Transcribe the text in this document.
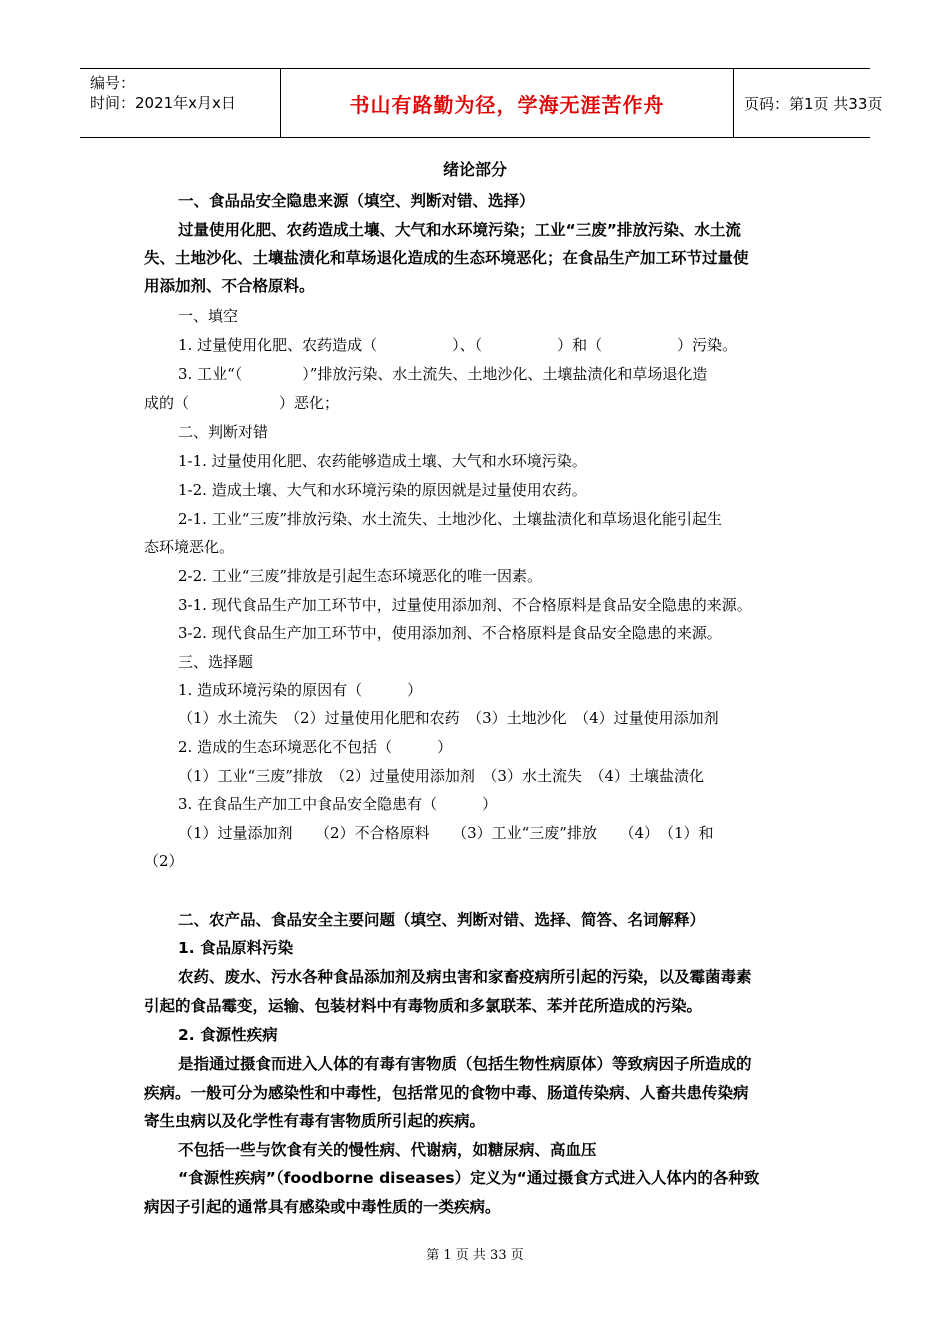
编号：
时间：2021年x月x日	书山有路勤为径，学海无涯苦作舟	页码：第1页 共33页
绪论部分
一、食品品安全隐患来源（填空、判断对错、选择）
过量使用化肥、农药造成土壤、大气和水环境污染；工业“三废”排放污染、水土流
失、土地沙化、土壤盐渍化和草场退化造成的生态环境恶化；在食品生产加工环节过量使
用添加剂、不合格原料。
一、填空
1. 过量使用化肥、农药造成（　　　　　）、（　　　　　）和（　　　　　）污染。
3. 工业“（　　　　）”排放污染、水土流失、土地沙化、土壤盐渍化和草场退化造
成的（　　　　　　）恶化；
二、判断对错
1-1. 过量使用化肥、农药能够造成土壤、大气和水环境污染。
1-2. 造成土壤、大气和水环境污染的原因就是过量使用农药。
2-1. 工业“三废”排放污染、水土流失、土地沙化、土壤盐渍化和草场退化能引起生
态环境恶化。
2-2. 工业“三废”排放是引起生态环境恶化的唯一因素。
3-1. 现代食品生产加工环节中，过量使用添加剂、不合格原料是食品安全隐患的来源。
3-2. 现代食品生产加工环节中，使用添加剂、不合格原料是食品安全隐患的来源。
三、选择题
1. 造成环境污染的原因有（　　　）
（1）水土流失　（2）过量使用化肥和农药　（3）土地沙化　（4）过量使用添加剂
2. 造成的生态环境恶化不包括（　　　）
（1）工业“三废”排放　（2）过量使用添加剂　（3）水土流失　（4）土壤盐渍化
3. 在食品生产加工中食品安全隐患有（　　　）
（1）过量添加剂　　（2）不合格原料　　（3）工业“三废”排放　　（4）　（1）和
（2）
二、农产品、食品安全主要问题（填空、判断对错、选择、简答、名词解释）
1. 食品原料污染
农药、废水、污水各种食品添加剂及病虫害和家畜疫病所引起的污染，以及霉菌毒素
引起的食品霉变，运输、包装材料中有毒物质和多氯联苯、苯并芘所造成的污染。
2. 食源性疾病
是指通过摄食而进入人体的有毒有害物质（包括生物性病原体）等致病因子所造成的
疾病。一般可分为感染性和中毒性，包括常见的食物中毒、肠道传染病、人畜共患传染病
寄生虫病以及化学性有毒有害物质所引起的疾病。
不包括一些与饮食有关的慢性病、代谢病，如糖尿病、高血压
“食源性疾病”（foodborne diseases）定义为“通过摄食方式进入人体内的各种致
病因子引起的通常具有感染或中毒性质的一类疾病。
第 1 页 共 33 页
